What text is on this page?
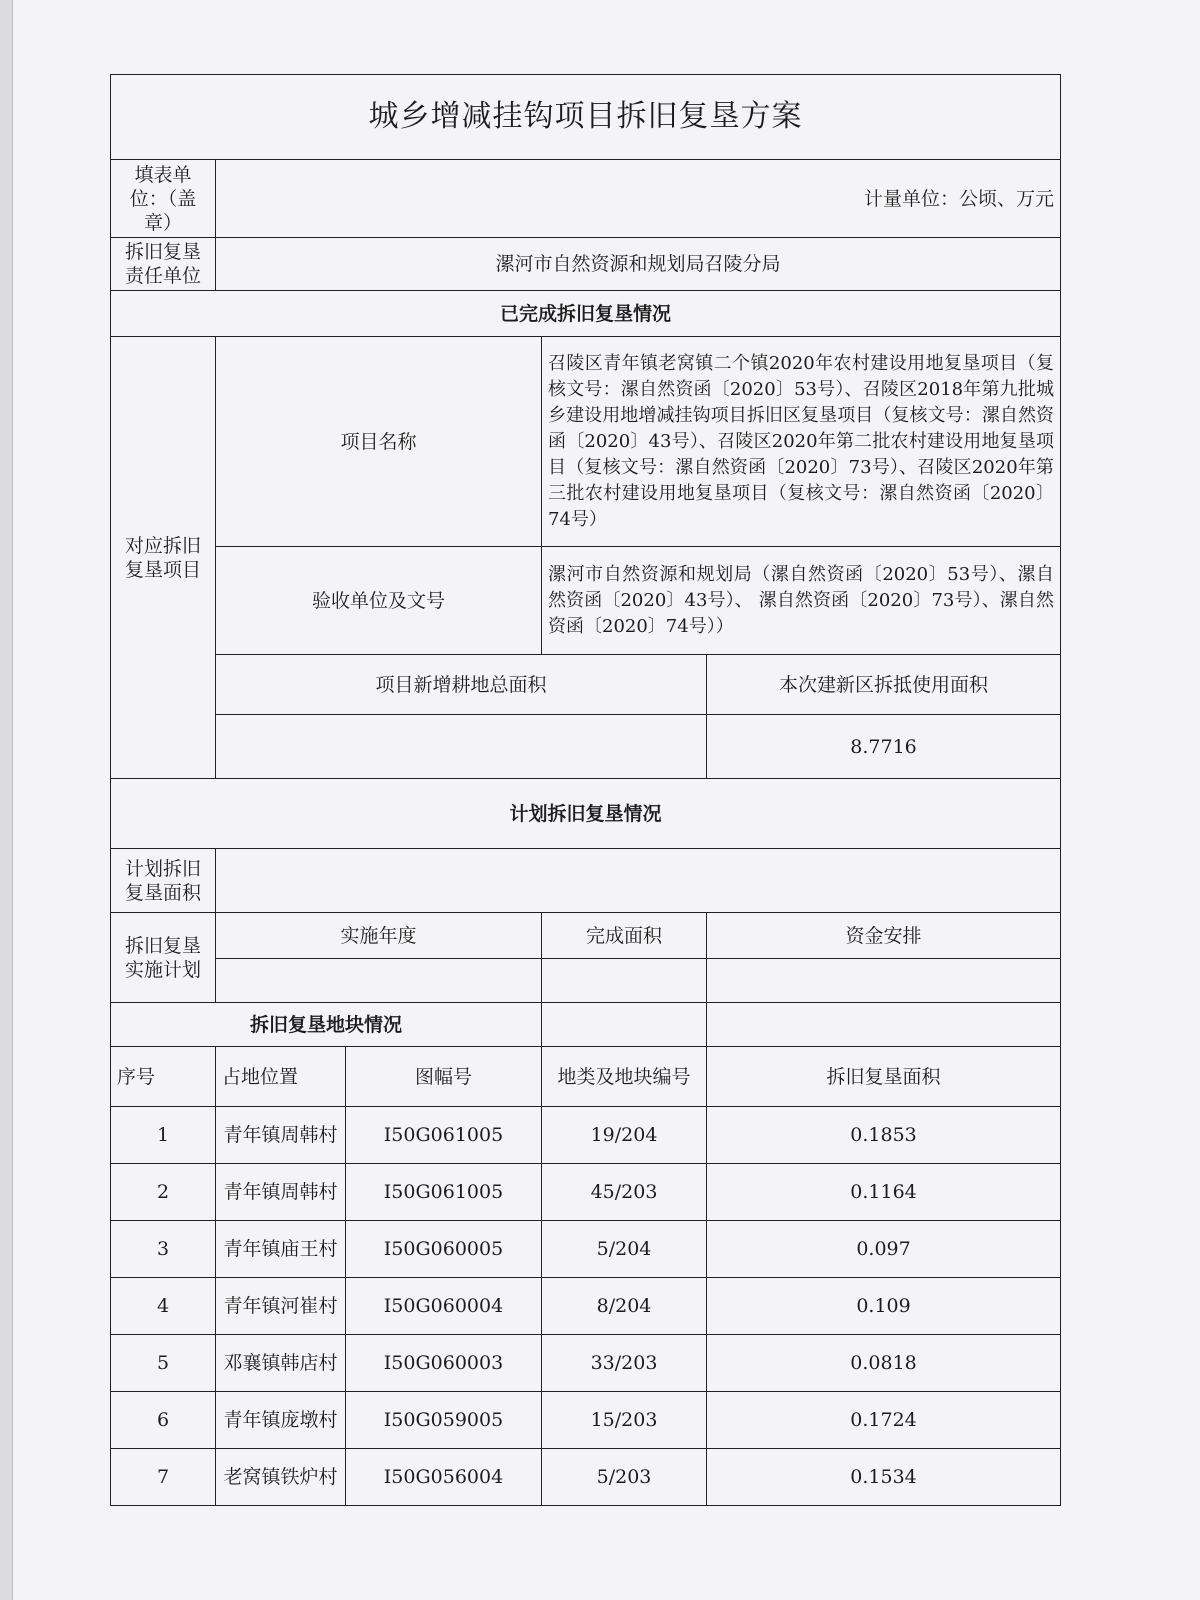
城乡增减挂钩项目拆旧复垦方案				
填表单位：（盖章）	计量单位：公顷、万元			
拆旧复垦责任单位	漯河市自然资源和规划局召陵分局			
已完成拆旧复垦情况				
对应拆旧复垦项目	项目名称		召陵区青年镇老窝镇二个镇2020年农村建设用地复垦项目（复核文号：漯自然资函〔2020〕53号）、召陵区2018年第九批城乡建设用地增减挂钩项目拆旧区复垦项目（复核文号：漯自然资函〔2020〕43号）、召陵区2020年第二批农村建设用地复垦项目（复核文号：漯自然资函〔2020〕73号）、召陵区2020年第三批农村建设用地复垦项目（复核文号：漯自然资函〔2020〕74号）	
	验收单位及文号		漯河市自然资源和规划局（漯自然资函〔2020〕53号）、漯自然资函〔2020〕43号）、 漯自然资函〔2020〕73号）、漯自然资函〔2020〕74号））	
	项目新增耕地总面积			本次建新区拆抵使用面积
				8.7716
计划拆旧复垦情况				
计划拆旧复垦面积				
拆旧复垦实施计划	实施年度		完成面积	资金安排

拆旧复垦地块情况				
序号	占地位置	图幅号	地类及地块编号	拆旧复垦面积
1	青年镇周韩村	I50G061005	19/204	0.1853
2	青年镇周韩村	I50G061005	45/203	0.1164
3	青年镇庙王村	I50G060005	5/204	0.097
4	青年镇河崔村	I50G060004	8/204	0.109
5	邓襄镇韩店村	I50G060003	33/203	0.0818
6	青年镇庞墩村	I50G059005	15/203	0.1724
7	老窝镇铁炉村	I50G056004	5/203	0.1534
